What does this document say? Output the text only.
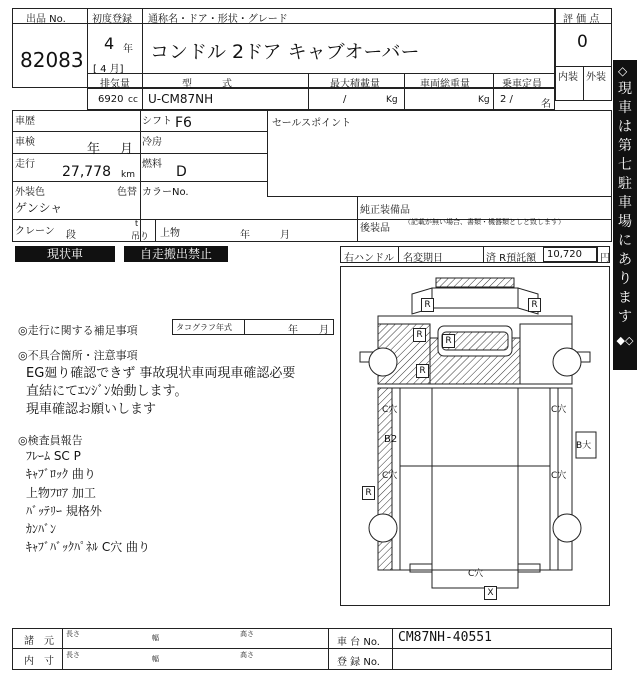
出品 No.
82083
初度登録
4 年
[ 4 月]
通称名・ドア・形状・グレード
コンドル 2ドア キャブオーバー
評 価 点
0
内装 外装
排気量
6920 cc
型　　　式
U-CM87NH
最大積載量
/	Kg
車両総重量
Kg
乗車定員
2 /	名
車歴	シフト F6
車検	年 月 冷房
走行 27,778 km
燃料 D
外装色
ゲンシャ
色替 カラーNo.
クレーン 段
t
吊り 上物	年	月
セールスポイント
純正装備品
後装品
（記載が無い場合、書類・機器類としと致します）
現状車	自走搬出禁止	右ハンドル 名変期日	済 R預託額 10,720 円
◎走行に関する補足事項	タコグラフ年式	年 月
◎不具合箇所・注意事項
EG廻り確認できず 事故現状車両現車確認必要
直結にてｴﾝｼﾞﾝ始動します。
現車確認お願いします
◎検査員報告
ﾌﾚｰﾑ SC P
ｷｬﾌﾞﾛｯｸ 曲り
上物ﾌﾛｱ 加工
ﾊﾞｯﾃﾘｰ 規格外
ｶﾝﾊﾞﾝ
ｷｬﾌﾞﾊﾞｯｸﾊﾟﾈﾙ C穴 曲り
R	R
R
R
R
R
X
C穴	C穴
C穴	C穴
C穴
B2
B大
◇
現
車
は
第
七
駐
車
場
に
あ
り
ま
す
◆◇
諸　元
内　寸
長さ	幅	高さ
長さ	幅	高さ
車 台 No. CM87NH-40551
登 録 No.
